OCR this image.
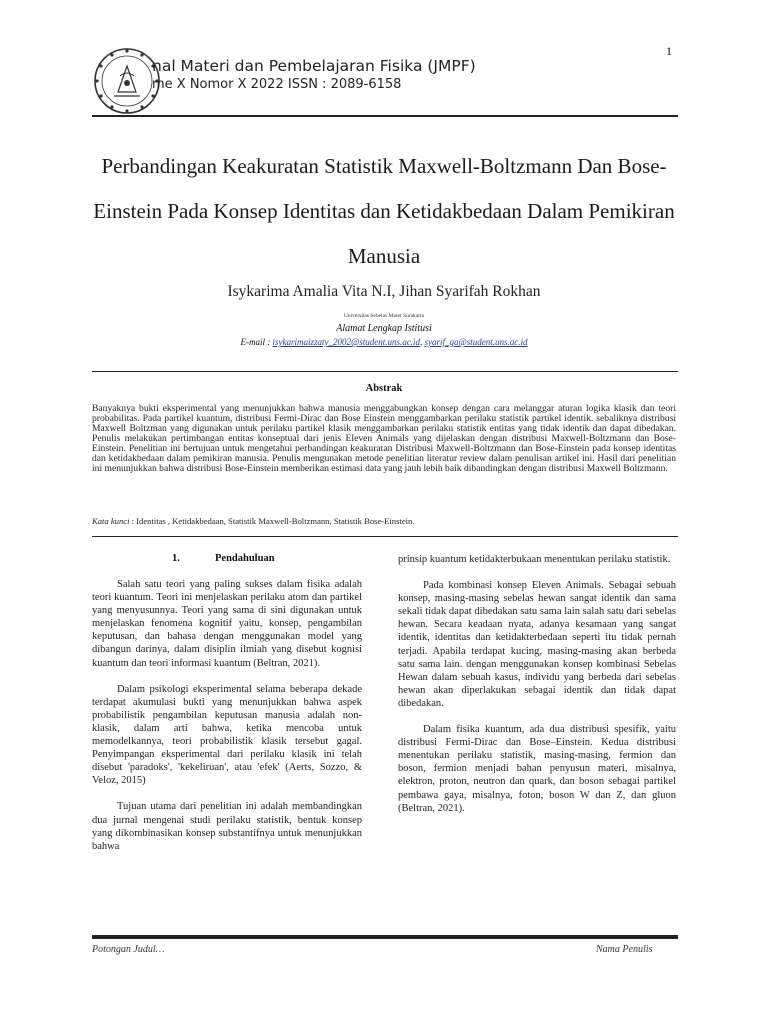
1
nal Materi dan Pembelajaran Fisika (JMPF)
me X Nomor X 2022 ISSN : 2089-6158
Perbandingan Keakuratan Statistik Maxwell-Boltzmann Dan Bose-Einstein Pada Konsep Identitas dan Ketidakbedaan Dalam Pemikiran Manusia
Isykarima Amalia Vita N.I, Jihan Syarifah Rokhan
Universitas Sebelas Maret Surakarta
Alamat Lengkap Istitusi
E-mail : isykarimaizzaty_2002@student.uns.ac.id, syarif_ga@student.uns.ac.id
Abstrak
Banyaknya bukti eksperimental yang menunjukkan bahwa manusia menggabungkan konsep dengan cara melanggar aturan logika klasik dan teori probabilitas. Pada partikel kuantum, distribusi Fermi-Dirac dan Bose Einstein menggambarkan perilaku statistik partikel identik. sebaliknya distribusi Maxwell Boltzman yang digunakan untuk perilaku partikel klasik menggambarkan perilaku statistik entitas yang tidak identik dan dapat dibedakan. Penulis melakukan pertimbangan entitas konseptual dari jenis Eleven Animals yang dijelaskan dengan distribusi Maxwell-Boltzmann dan Bose-Einstein. Penelitian ini bertujuan untuk mengetahui perbandingan keakuratan Distribusi Maxwell-Boltzmann dan Bose-Einstein pada konsep identitas dan ketidakbedaan dalam pemikiran manusia. Penulis mengunakan metode penelitian literatur review dalam penulisan artikel ini. Hasil dari penelitian ini menunjukkan bahwa distribusi Bose-Einstein memberikan estimasi data yang jauh lebih baik dibandingkan dengan distribusi Maxwell Boltzmann.
Kata kunci : Identitas , Ketidakbedaan, Statistik Maxwell-Boltzmann, Statistik Bose-Einstein.
1.	Pendahuluan

Salah satu teori yang paling sukses dalam fisika adalah teori kuantum. Teori ini menjelaskan perilaku atom dan partikel yang menyusunnya. Teori yang sama di sini digunakan untuk menjelaskan fenomena kognitif yaitu, konsep, pengambilan keputusan, dan bahasa dengan menggunakan model yang dibangun darinya, dalam disiplin ilmiah yang disebut kognisi kuantum dan teori informasi kuantum (Beltran, 2021).

Dalam psikologi eksperimental selama beberapa dekade terdapat akumulasi bukti yang menunjukkan bahwa aspek probabilistik pengambilan keputusan manusia adalah non-klasik, dalam arti bahwa, ketika mencoba untuk memodelkannya, teori probabilistik klasik tersebut gagal. Penyimpangan eksperimental dari perilaku klasik ini telah disebut 'paradoks', 'kekeliruan', atau 'efek' (Aerts, Sozzo, & Veloz, 2015)

Tujuan utama dari penelitian ini adalah membandingkan dua jurnal mengenai studi perilaku statistik, bentuk konsep yang dikombinasikan konsep substantifnya untuk menunjukkan bahwa

prinsip kuantum ketidakterbukaan menentukan perilaku statistik.

Pada kombinasi konsep Eleven Animals. Sebagai sebuah konsep, masing-masing sebelas hewan sangat identik dan sama sekali tidak dapat dibedakan satu sama lain salah satu dari sebelas hewan. Secara keadaan nyata, adanya kesamaan yang sangat identik, identitas dan ketidakterbedaan seperti itu tidak pernah terjadi. Apabila terdapat kucing, masing-masing akan berbeda satu sama lain. dengan menggunakan konsep kombinasi Sebelas Hewan dalam sebuah kasus, individu yang berbeda dari sebelas hewan akan diperlakukan sebagai identik dan tidak dapat dibedakan.

Dalam fisika kuantum, ada dua distribusi spesifik, yaitu distribusi Fermi-Dirac dan Bose–Einstein. Kedua distribusi menentukan perilaku statistik, masing-masing, fermion dan boson, fermion menjadi bahan penyusun materi, misalnya, elektron, proton, neutron dan quark, dan boson sebagai partikel pembawa gaya, misalnya, foton, boson W dan Z, dan gluon (Beltran, 2021).

Potongan Judul…	Nama Penulis
